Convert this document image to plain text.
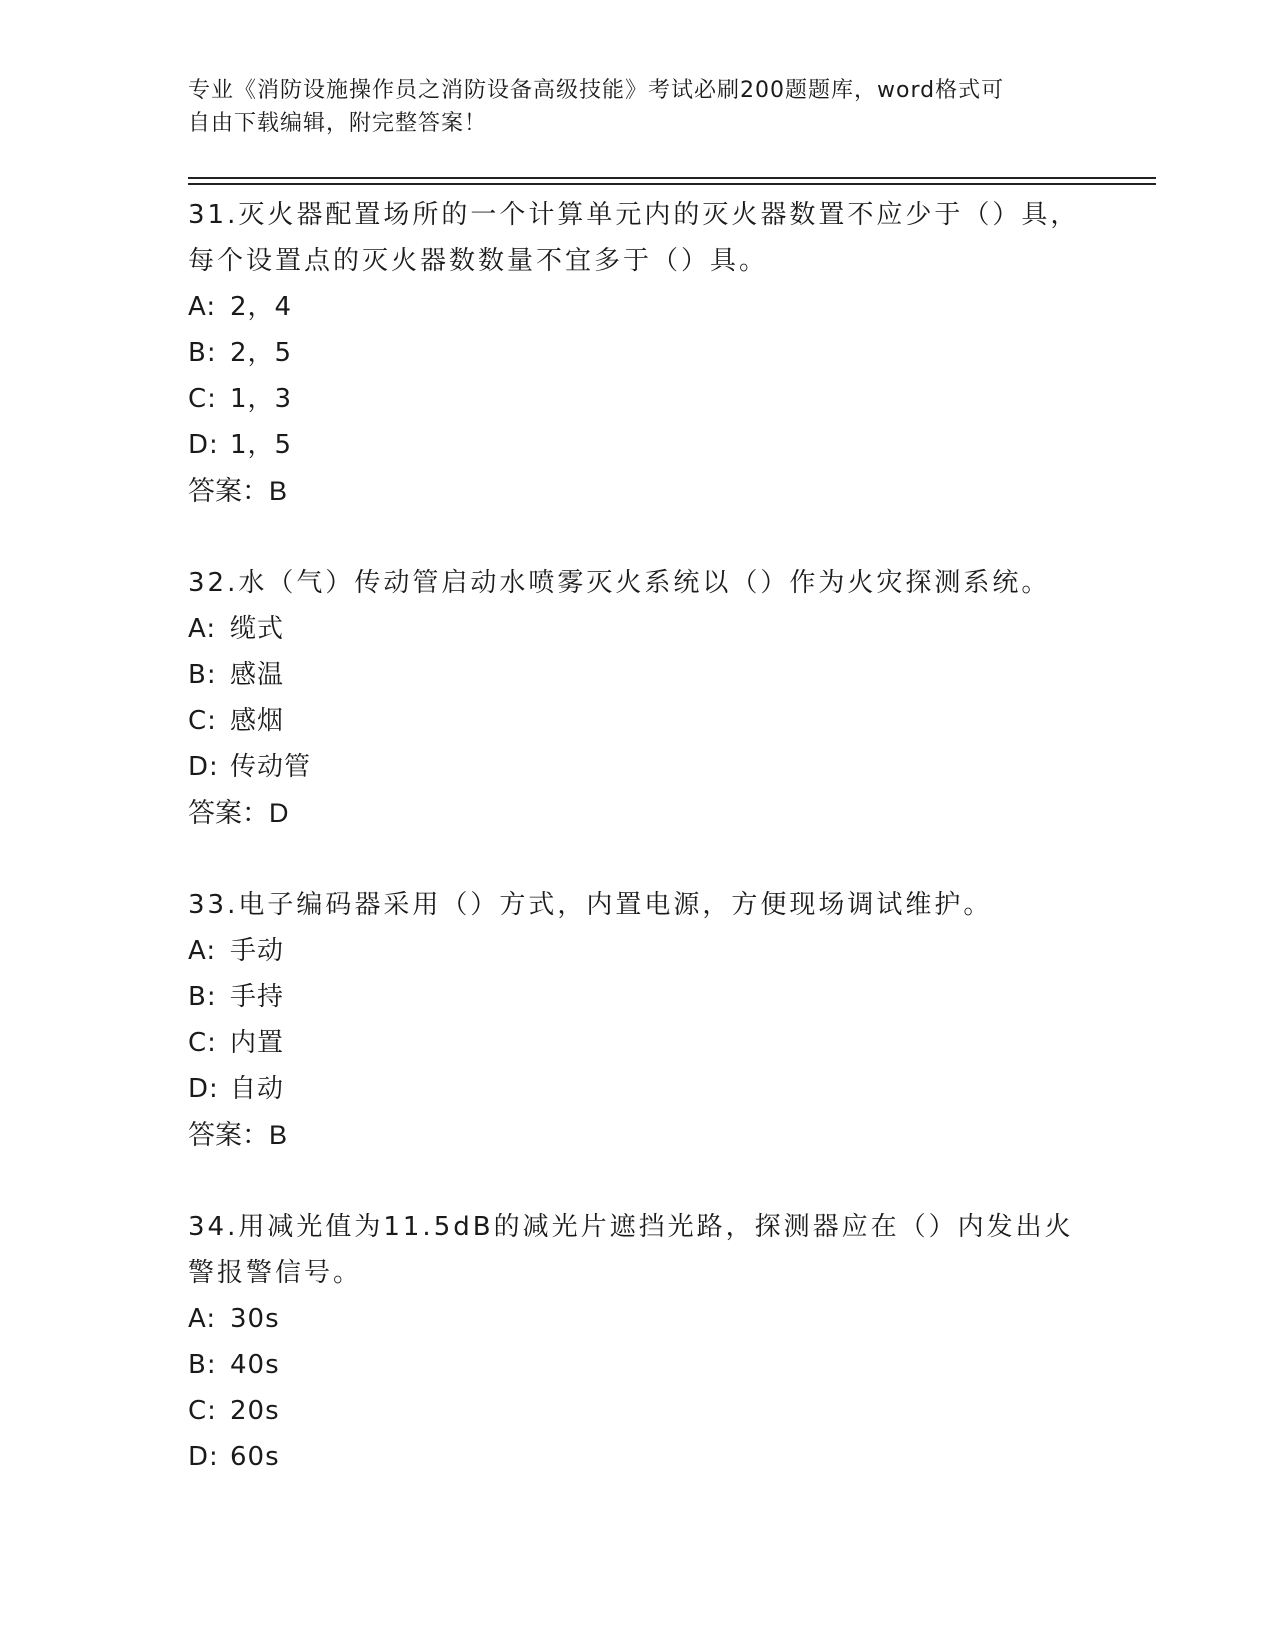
专业《消防设施操作员之消防设备高级技能》考试必刷200题题库，word格式可
自由下载编辑，附完整答案！
31.灭火器配置场所的一个计算单元内的灭火器数置不应少于（）具，
每个设置点的灭火器数数量不宜多于（）具。
A: 2，4
B: 2，5
C: 1，3
D: 1，5
答案：B
32.水（气）传动管启动水喷雾灭火系统以（）作为火灾探测系统。
A: 缆式
B: 感温
C: 感烟
D: 传动管
答案：D
33.电子编码器采用（）方式，内置电源，方便现场调试维护。
A: 手动
B: 手持
C: 内置
D: 自动
答案：B
34.用减光值为11.5dB的减光片遮挡光路，探测器应在（）内发出火
警报警信号。
A: 30s
B: 40s
C: 20s
D: 60s
